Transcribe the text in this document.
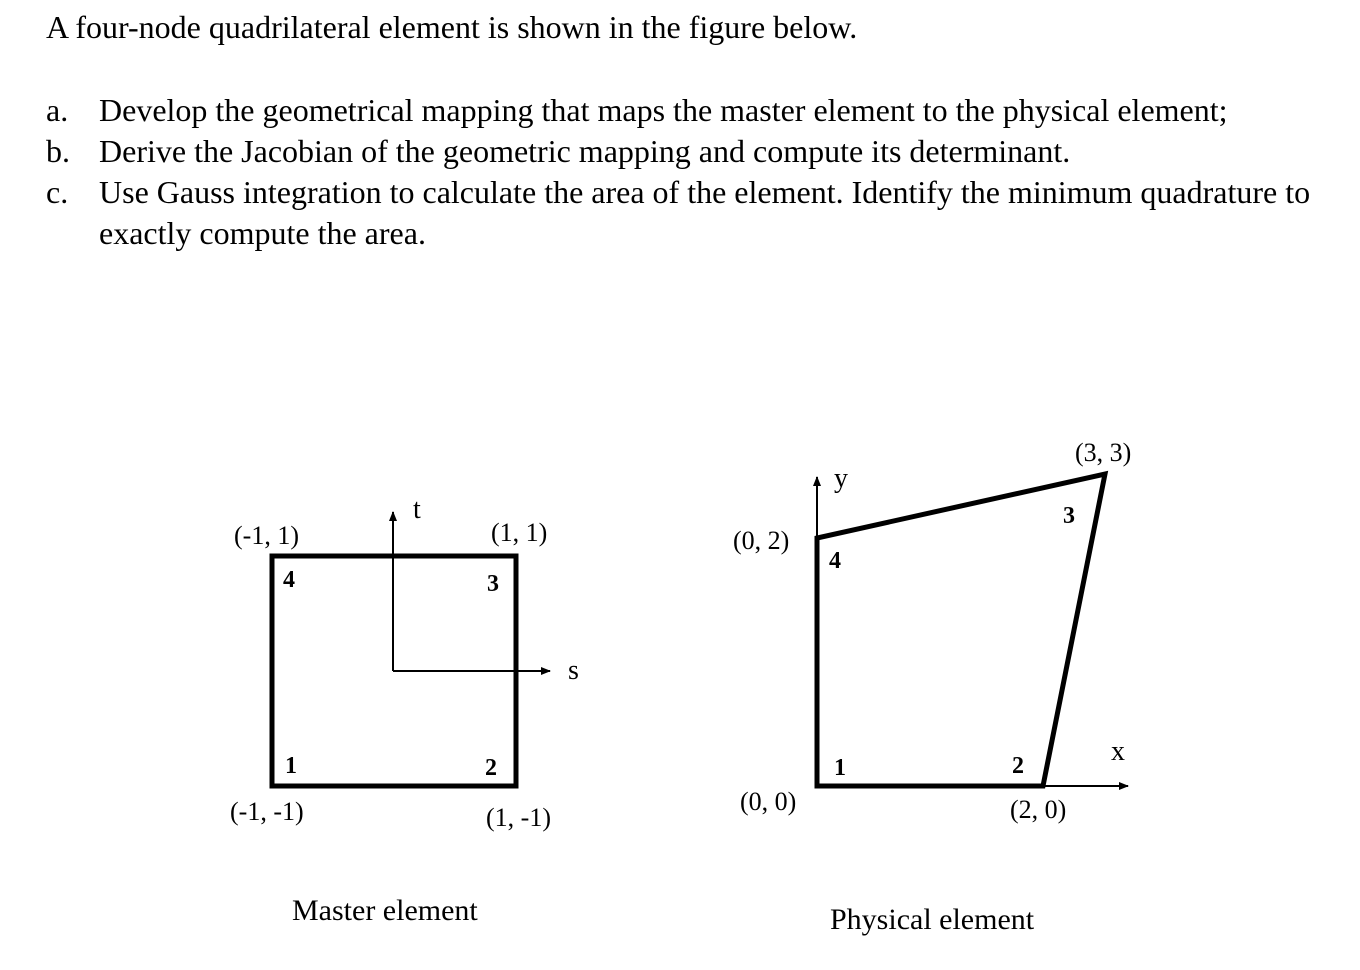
A four-node quadrilateral element is shown in the figure below.
a. Develop the geometrical mapping that maps the master element to the physical element;
b. Derive the Jacobian of the geometric mapping and compute its determinant.
c. Use Gauss integration to calculate the area of the element. Identify the minimum quadrature to exactly compute the area.
t
s
4	3
1	2
(-1, 1)	(1, 1)
(-1, -1)	(1, -1)
Master element
y
x
4
3
1	2
(0, 2)
(3, 3)
(0, 0)	(2, 0)
Physical element
